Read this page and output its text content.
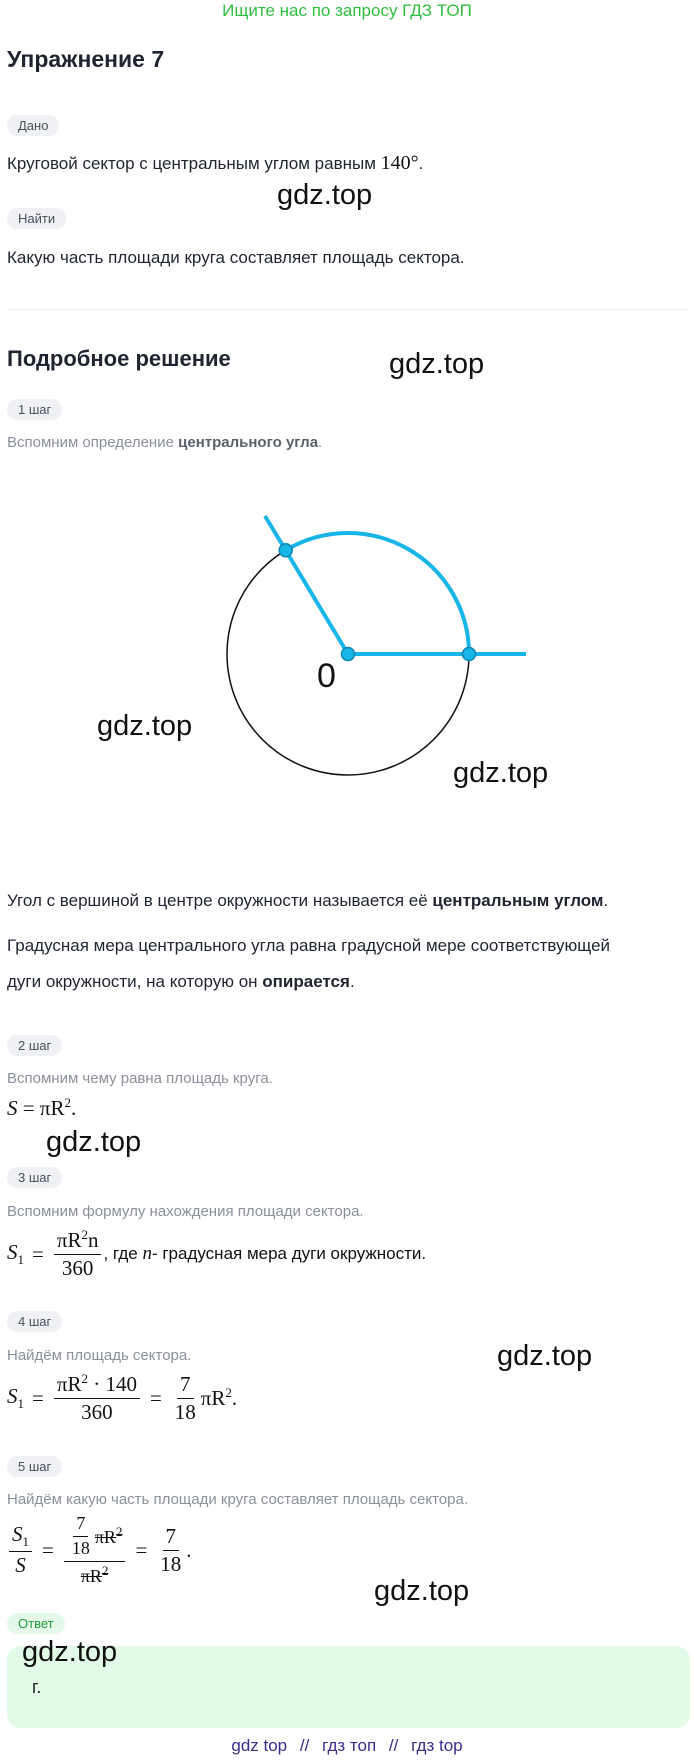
Ищите нас по запросу ГДЗ ТОП
Упражнение 7
Дано
Круговой сектор с центральным углом равным 140°.
gdz.top
Найти
Какую часть площади круга составляет площадь сектора.
Подробное решение	gdz.top
1 шаг
Вспомним определение центрального угла.
0
gdz.top
gdz.top
Угол с вершиной в центре окружности называется её центральным углом.
Градусная мера центрального угла равна градусной мере соответствующей
дуги окружности, на которую он опирается.
2 шаг
Вспомним чему равна площадь круга.
$S = \pi R^2$.
gdz.top
3 шаг
Вспомним формулу нахождения площади сектора.
$S_1 = \frac{\pi R^2n}{360}$ , где n- градусная мера дуги окружности.
4 шаг
gdz.top
Найдём площадь сектора.
$S_1 = \frac{\pi R^2 \cdot 140}{360} = \frac{7}{18} \pi R^2$.
5 шаг
Найдём какую часть площади круга составляет площадь сектора.
$\frac{S_1}{S} = \frac{\frac{7}{18} \pi R^2}{\pi R^2} = \frac{7}{18}$ .
gdz.top
Ответ
gdz.top
г.
gdz top // гдз топ // гдз top
